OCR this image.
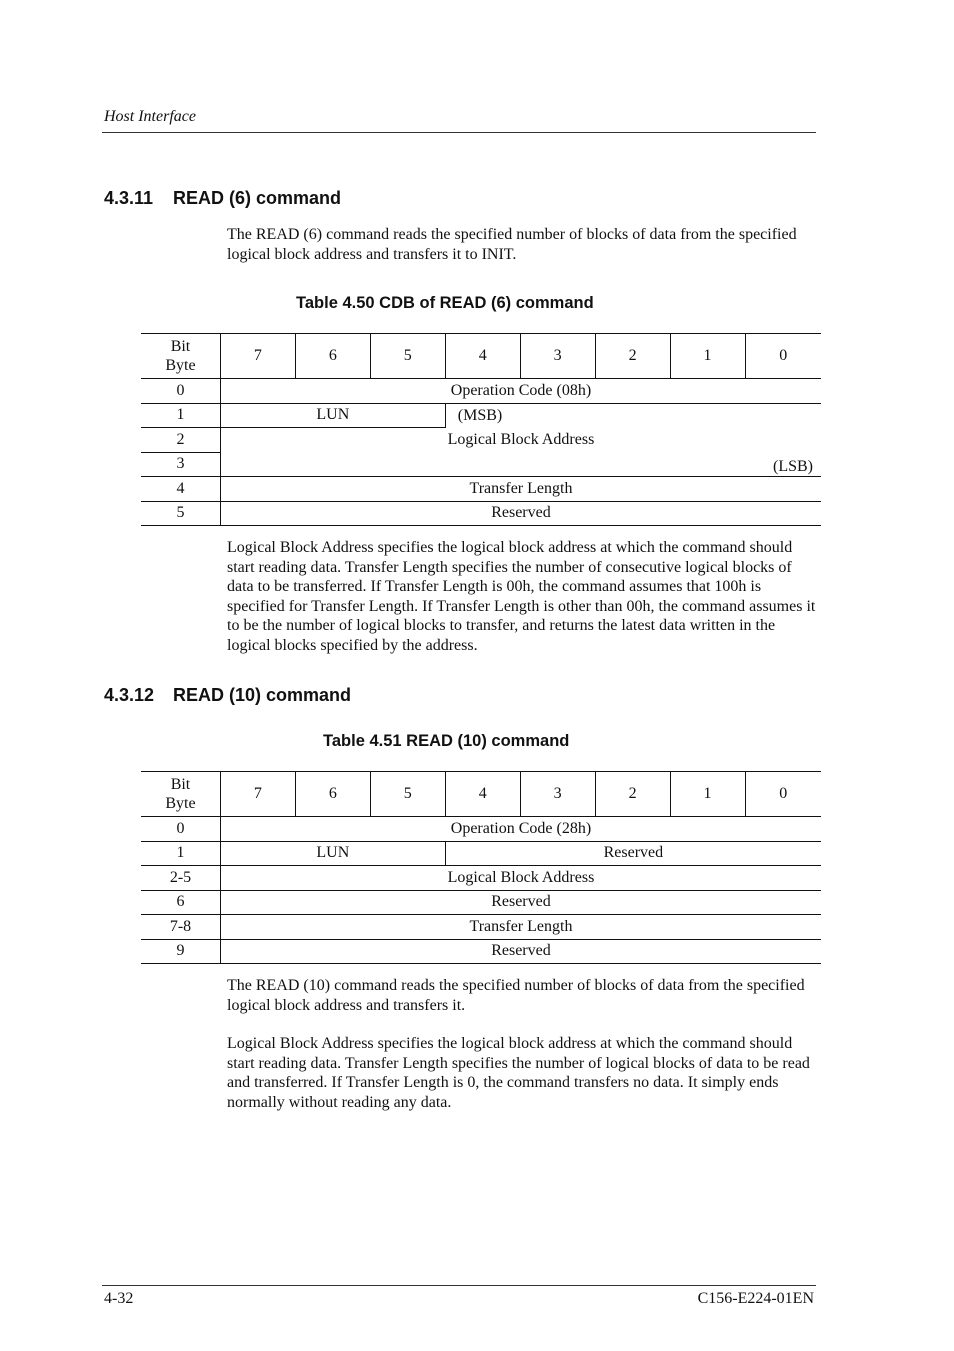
Host Interface
4.3.11 READ (6) command

The READ (6) command reads the specified number of blocks of data from the specified logical block address and transfers it to INIT.

Table 4.50 CDB of READ (6) command
Bit
Byte	7	6	5	4	3	2	1	0
0	Operation Code (08h)							
1	LUN			(MSB)				
2	Logical Block Address							
3	(LSB)							
4	Transfer Length							
5	Reserved							

Logical Block Address specifies the logical block address at which the command should start reading data. Transfer Length specifies the number of consecutive logical blocks of data to be transferred. If Transfer Length is 00h, the command assumes that 100h is specified for Transfer Length. If Transfer Length is other than 00h, the command assumes it to be the number of logical blocks to transfer, and returns the latest data written in the logical blocks specified by the address.

4.3.12 READ (10) command
Table 4.51 READ (10) command
Bit
Byte	7	6	5	4	3	2	1	0
0	Operation Code (28h)							
1	LUN			Reserved				
2-5	Logical Block Address							
6	Reserved							
7-8	Transfer Length							
9	Reserved							

The READ (10) command reads the specified number of blocks of data from the specified logical block address and transfers it.

Logical Block Address specifies the logical block address at which the command should start reading data. Transfer Length specifies the number of logical blocks of data to be read and transferred. If Transfer Length is 0, the command transfers no data. It simply ends normally without reading any data.

4-32	C156-E224-01EN
